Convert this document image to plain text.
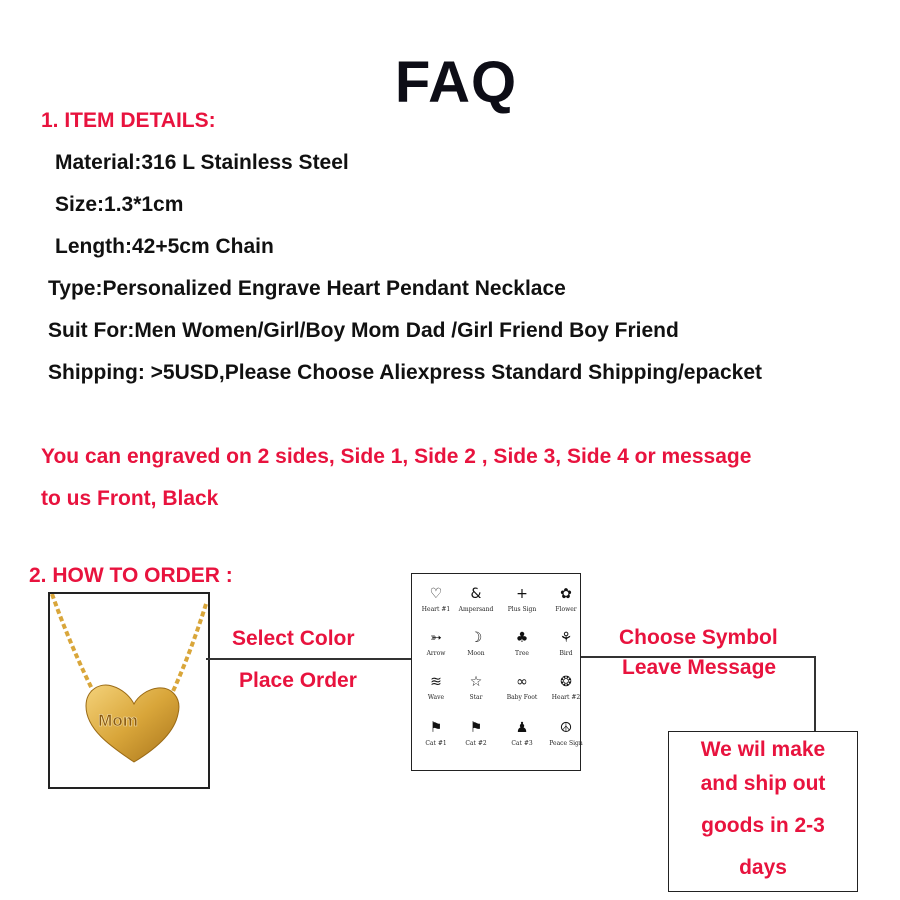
FAQ
1. ITEM DETAILS:
Material:316 L Stainless Steel
Size:1.3*1cm
Length:42+5cm Chain
Type:Personalized Engrave Heart Pendant Necklace
Suit For:Men Women/Girl/Boy Mom Dad /Girl Friend Boy Friend
Shipping: >5USD,Please Choose Aliexpress Standard Shipping/epacket
You can engraved on 2 sides, Side 1, Side 2 , Side 3, Side 4 or message
to us Front, Black
2. HOW TO ORDER :
Mom
Select Color
Place Order
♡
Heart #1
&
Ampersand
+
Plus Sign
✿
Flower
➳
Arrow
☽
Moon
♣
Tree
⚘
Bird
≋
Wave
☆
Star
∞
Baby Foot
❂
Heart #2
⚑
Cat #1
⚑
Cat #2
♟
Cat #3
☮
Peace Sign
Choose Symbol
Leave Message
We wil make
and ship out
goods in 2-3
days
